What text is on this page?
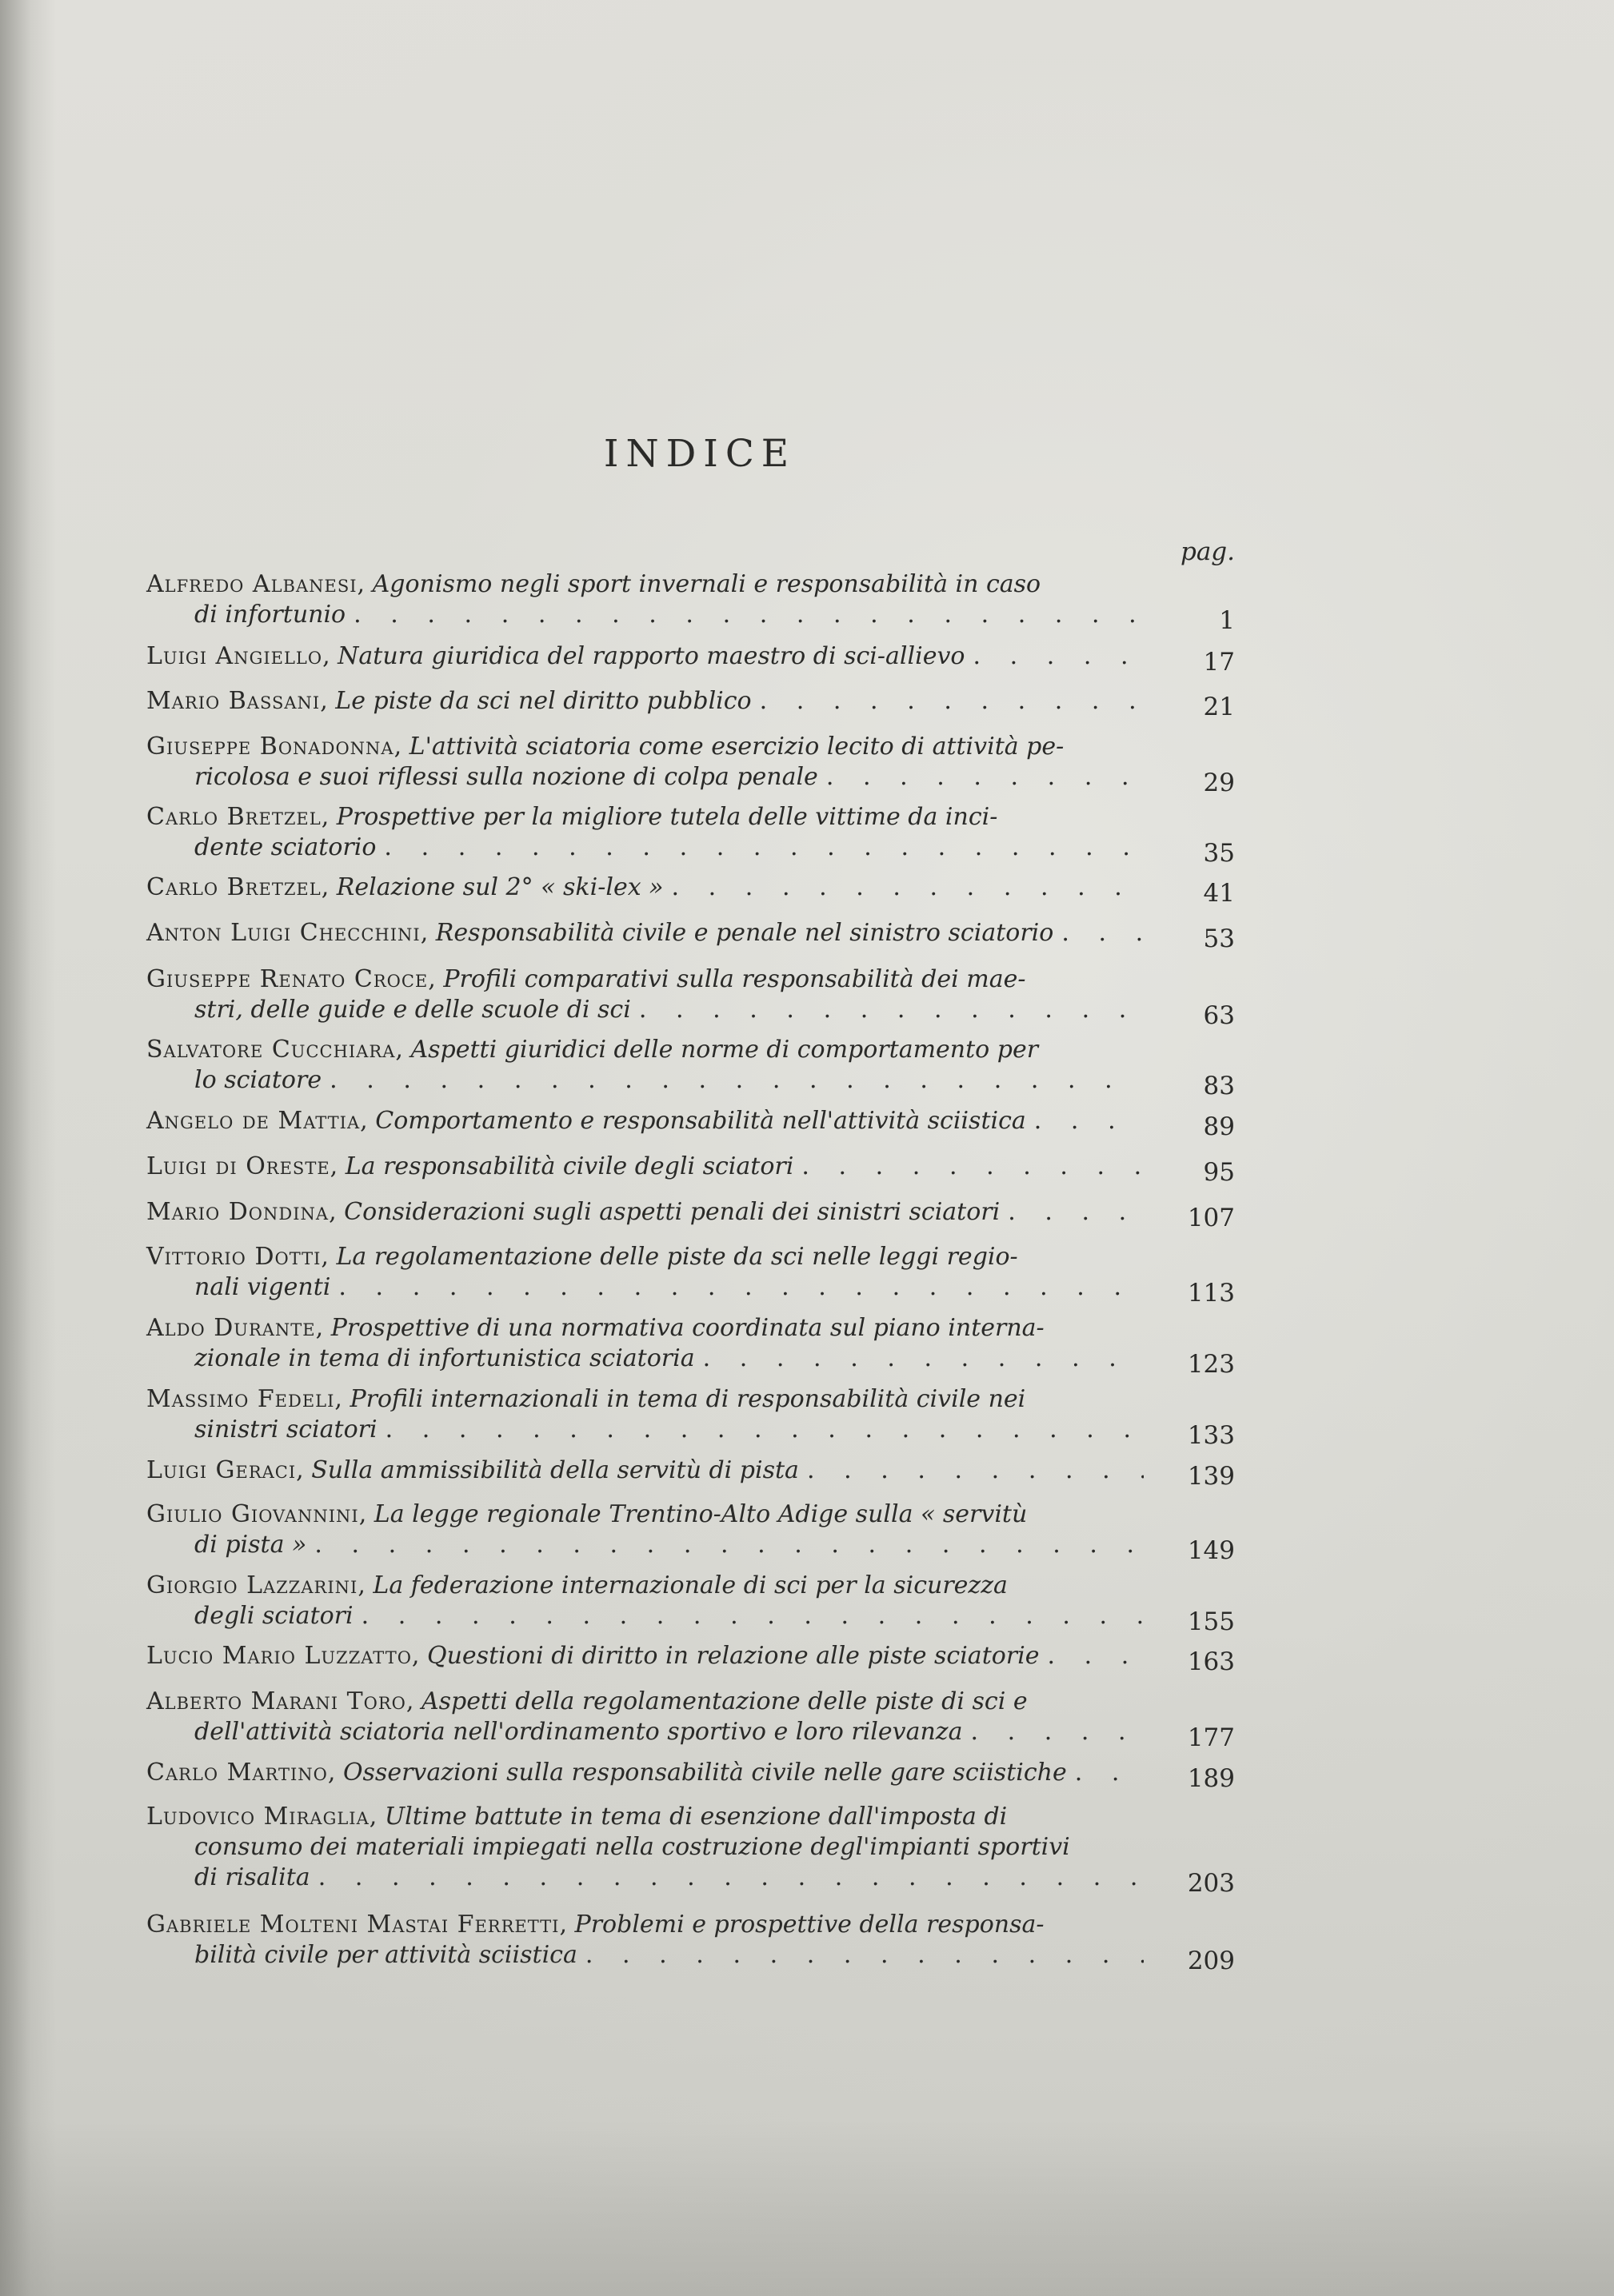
INDICE
pag.
Alfredo Albanesi, Agonismo negli sport invernali e responsabilità in caso
di infortunio . .	1
Luigi Angiello, Natura giuridica del rapporto maestro di sci-allievo . .	17
Mario Bassani, Le piste da sci nel diritto pubblico . .	21
Giuseppe Bonadonna, L'attività sciatoria come esercizio lecito di attività pe-
ricolosa e suoi riflessi sulla nozione di colpa penale . .	29
Carlo Bretzel, Prospettive per la migliore tutela delle vittime da inci-
dente sciatorio . .	35
Carlo Bretzel, Relazione sul 2° « ski-lex » . .	41
Anton Luigi Checchini, Responsabilità civile e penale nel sinistro sciatorio . .	53
Giuseppe Renato Croce, Profili comparativi sulla responsabilità dei mae-
stri, delle guide e delle scuole di sci . .	63
Salvatore Cucchiara, Aspetti giuridici delle norme di comportamento per
lo sciatore . .	83
Angelo de Mattia, Comportamento e responsabilità nell'attività sciistica . .	89
Luigi di Oreste, La responsabilità civile degli sciatori . .	95
Mario Dondina, Considerazioni sugli aspetti penali dei sinistri sciatori . .	107
Vittorio Dotti, La regolamentazione delle piste da sci nelle leggi regio-
nali vigenti . .	113
Aldo Durante, Prospettive di una normativa coordinata sul piano interna-
zionale in tema di infortunistica sciatoria . .	123
Massimo Fedeli, Profili internazionali in tema di responsabilità civile nei
sinistri sciatori . .	133
Luigi Geraci, Sulla ammissibilità della servitù di pista . .	139
Giulio Giovannini, La legge regionale Trentino-Alto Adige sulla « servitù
di pista » . .	149
Giorgio Lazzarini, La federazione internazionale di sci per la sicurezza
degli sciatori . .	155
Lucio Mario Luzzatto, Questioni di diritto in relazione alle piste sciatorie . .	163
Alberto Marani Toro, Aspetti della regolamentazione delle piste di sci e
dell'attività sciatoria nell'ordinamento sportivo e loro rilevanza . .	177
Carlo Martino, Osservazioni sulla responsabilità civile nelle gare sciistiche . .	189
Ludovico Miraglia, Ultime battute in tema di esenzione dall'imposta di
consumo dei materiali impiegati nella costruzione degl'impianti sportivi
di risalita . .	203
Gabriele Molteni Mastai Ferretti, Problemi e prospettive della responsa-
bilità civile per attività sciistica . .	209
